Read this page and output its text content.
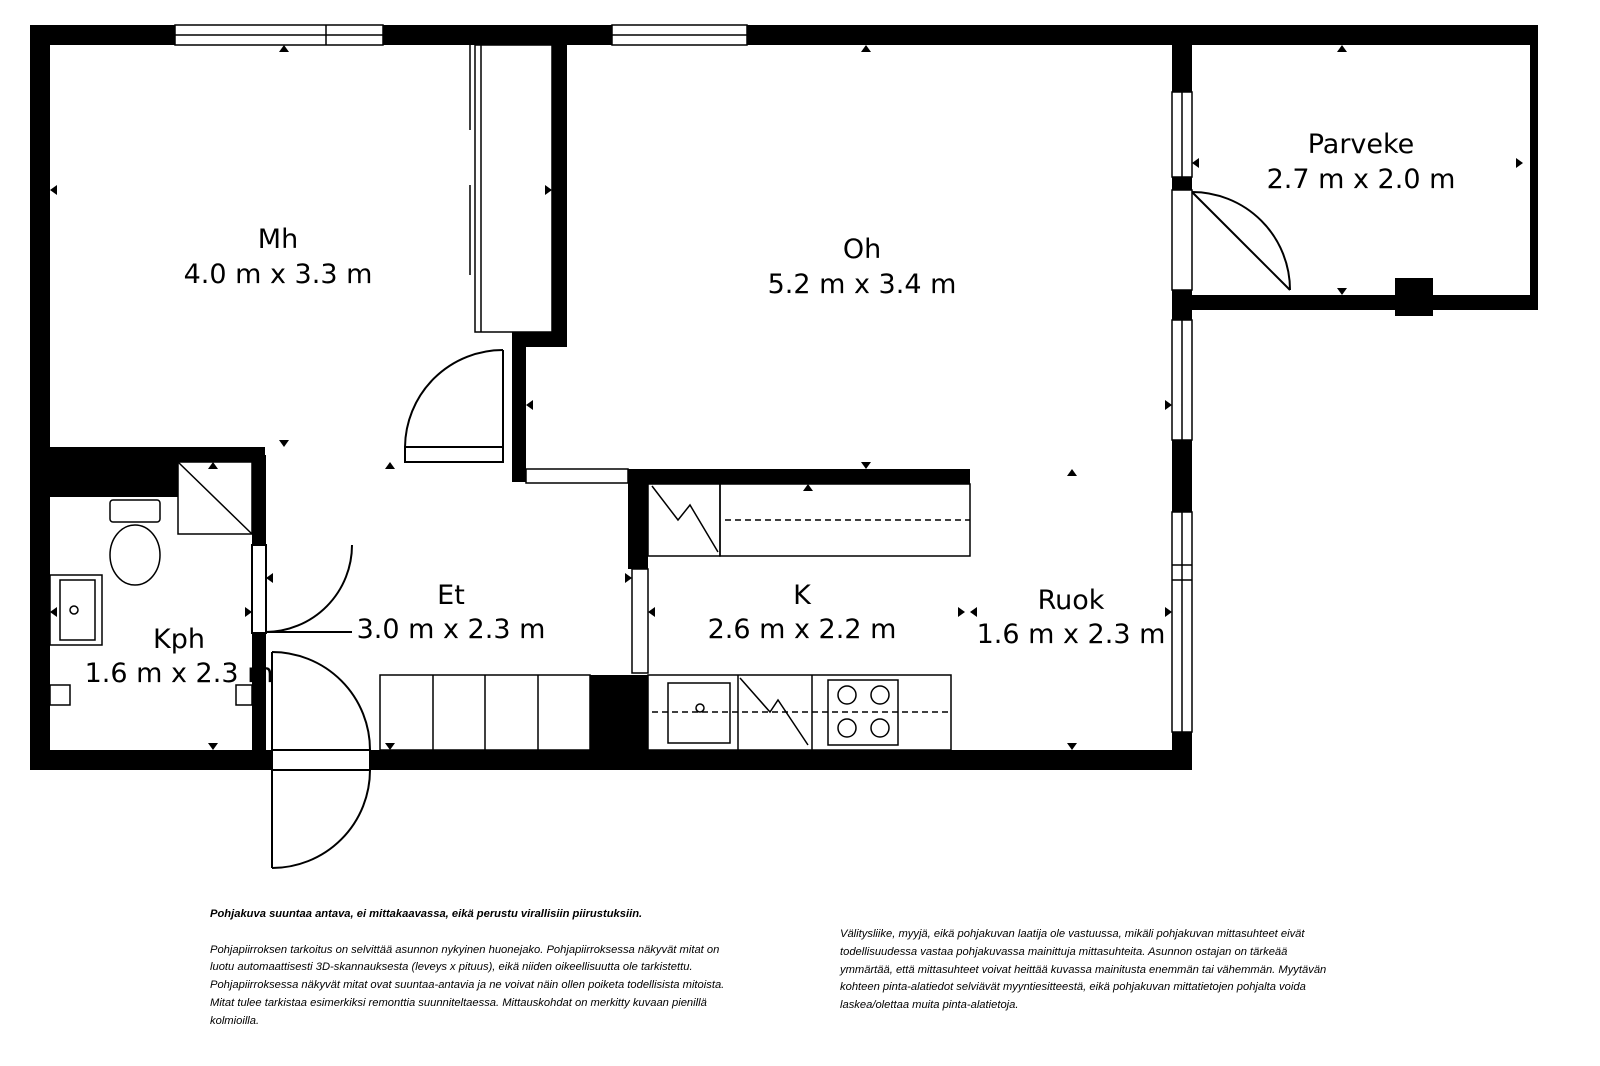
Mh
4.0 m x 3.3 m
Oh
5.2 m x 3.4 m
Parveke
2.7 m x 2.0 m
Et
3.0 m x 2.3 m
K
2.6 m x 2.2 m
Ruok
1.6 m x 2.3 m
Kph
1.6 m x 2.3 m

Pohjakuva suuntaa antava, ei mittakaavassa, eikä perustu virallisiin piirustuksiin.

Pohjapiirroksen tarkoitus on selvittää asunnon nykyinen huonejako. Pohjapiirroksessa näkyvät mitat on luotu automaattisesti 3D-skannauksesta (leveys x pituus), eikä niiden oikeellisuutta ole tarkistettu. Pohjapiirroksessa näkyvät mitat ovat suuntaa-antavia ja ne voivat näin ollen poiketa todellisista mitoista. Mitat tulee tarkistaa esimerkiksi remonttia suunniteltaessa. Mittauskohdat on merkitty kuvaan pienillä kolmioilla.

Välitysliike, myyjä, eikä pohjakuvan laatija ole vastuussa, mikäli pohjakuvan mittasuhteet eivät todellisuudessa vastaa pohjakuvassa mainittuja mittasuhteita. Asunnon ostajan on tärkeää ymmärtää, että mittasuhteet voivat heittää kuvassa mainitusta enemmän tai vähemmän. Myytävän kohteen pinta-alatiedot selviävät myyntiesitteestä, eikä pohjakuvan mittatietojen pohjalta voida laskea/olettaa muita pinta-alatietoja.
